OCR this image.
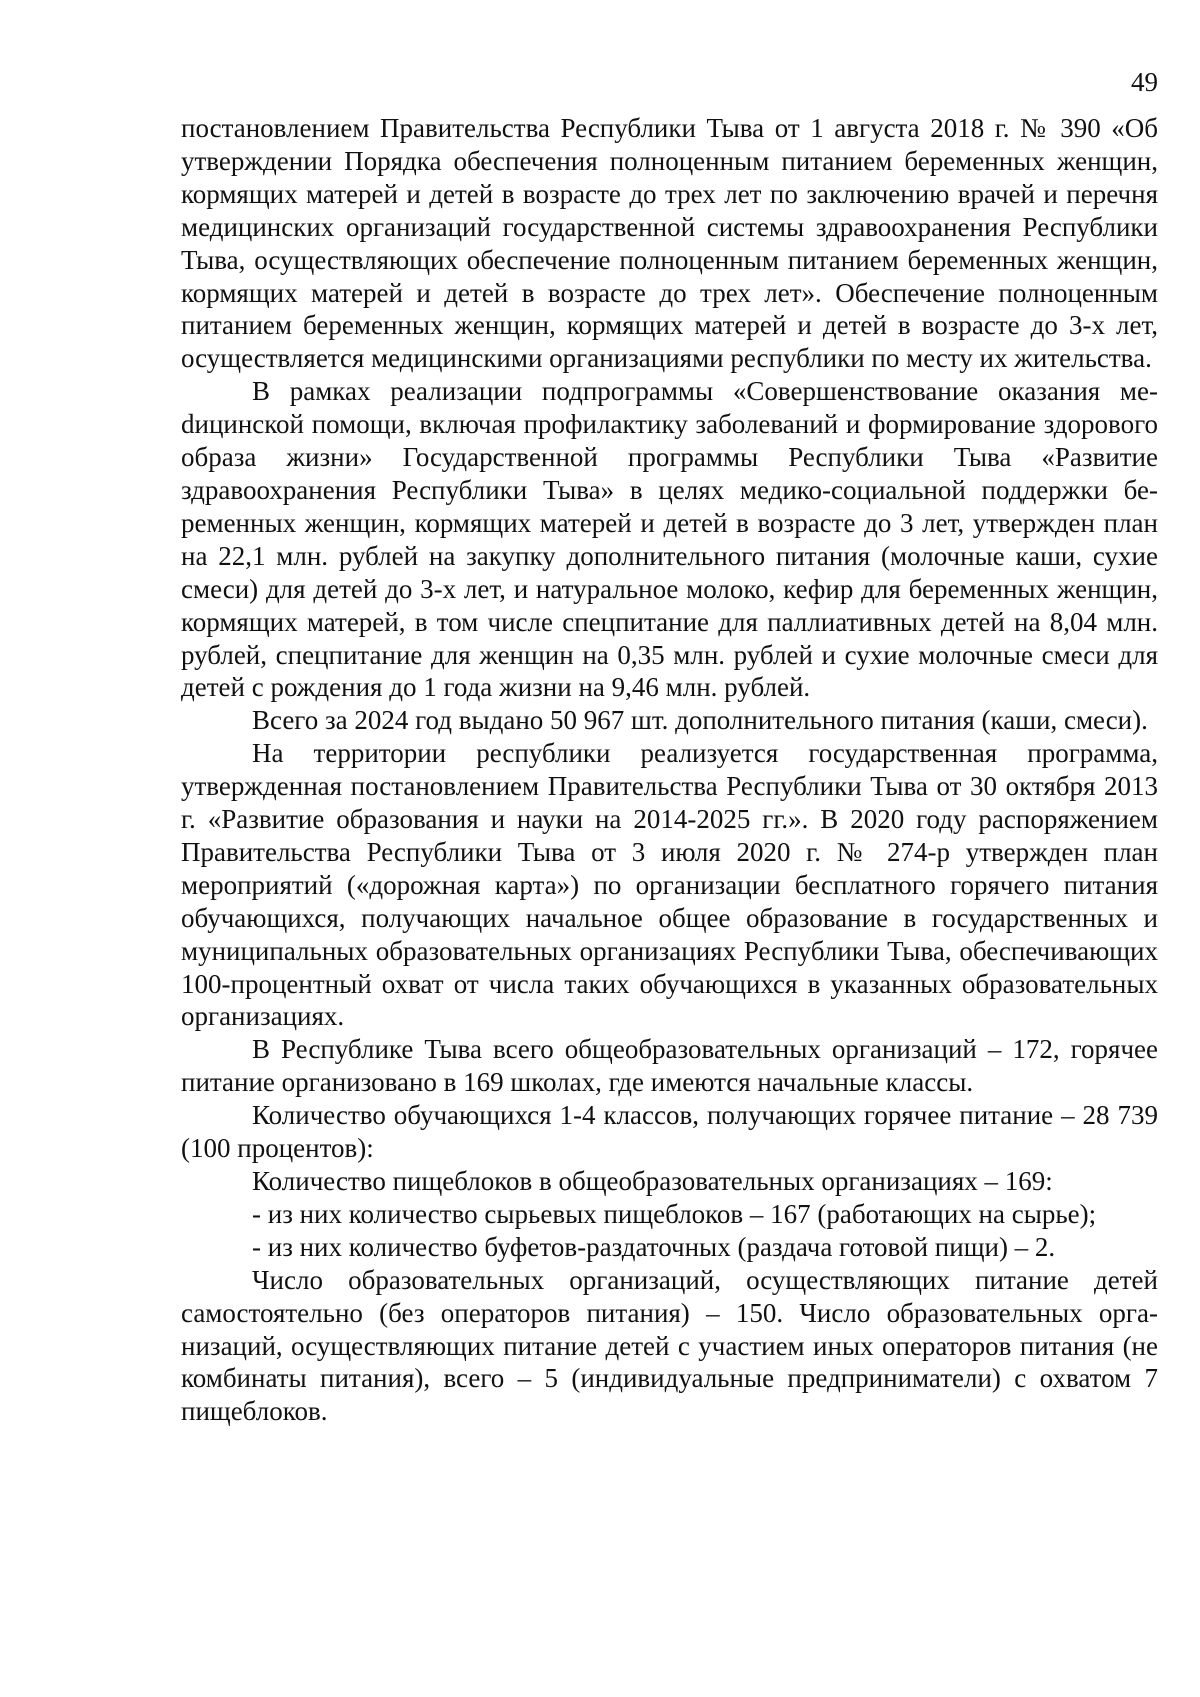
49

постановлением Правительства Республики Тыва от 1 августа 2018 г. № 390 «Об утверждении Порядка обеспечения полноценным питанием беременных женщин, кормящих матерей и детей в возрасте до трех лет по заключению врачей и перечня медицинских организаций государственной системы здравоохранения Республики Тыва, осуществляющих обеспечение полноценным питанием беременных женщин, кормящих матерей и детей в возрасте до трех лет». Обеспечение полноценным питанием беременных женщин, кормящих матерей и детей в возрасте до 3-х лет, осуществляется медицинскими организациями республики по месту их жительства.

В рамках реализации подпрограммы «Совершенствование оказания меdицинской помощи, включая профилактику заболеваний и формирование здорового образа жизни» Государственной программы Республики Тыва «Развитие здравоохранения Республики Тыва» в целях медико-социальной поддержки беременных женщин, кормящих матерей и детей в возрасте до 3 лет, утвержден план на 22,1 млн. рублей на закупку дополнительного питания (молочные каши, сухие смеси) для детей до 3-х лет, и натуральное молоко, кефир для беременных женщин, кормящих матерей, в том числе спецпитание для паллиативных детей на 8,04 млн. рублей, спецпитание для женщин на 0,35 млн. рублей и сухие молочные смеси для детей с рождения до 1 года жизни на 9,46 млн. рублей.

Всего за 2024 год выдано 50 967 шт. дополнительного питания (каши, смеси).

На территории республики реализуется государственная программа, утвержденная постановлением Правительства Республики Тыва от 30 октября 2013 г. «Развитие образования и науки на 2014-2025 гг.». В 2020 году распоряжением Правительства Республики Тыва от 3 июля 2020 г. № 274-р утвержден план мероприятий («дорожная карта») по организации бесплатного горячего питания обучающихся, получающих начальное общее образование в государственных и муниципальных образовательных организациях Республики Тыва, обеспечивающих 100-процентный охват от числа таких обучающихся в указанных образовательных организациях.

В Республике Тыва всего общеобразовательных организаций – 172, горячее питание организовано в 169 школах, где имеются начальные классы.

Количество обучающихся 1-4 классов, получающих горячее питание – 28 739 (100 процентов):

Количество пищеблоков в общеобразовательных организациях – 169:

- из них количество сырьевых пищеблоков – 167 (работающих на сырье);

- из них количество буфетов-раздаточных (раздача готовой пищи) – 2.

Число образовательных организаций, осуществляющих питание детей самостоятельно (без операторов питания) – 150. Число образовательных организаций, осуществляющих питание детей с участием иных операторов питания (не комбинаты питания), всего – 5 (индивидуальные предприниматели) с охватом 7 пищеблоков.
